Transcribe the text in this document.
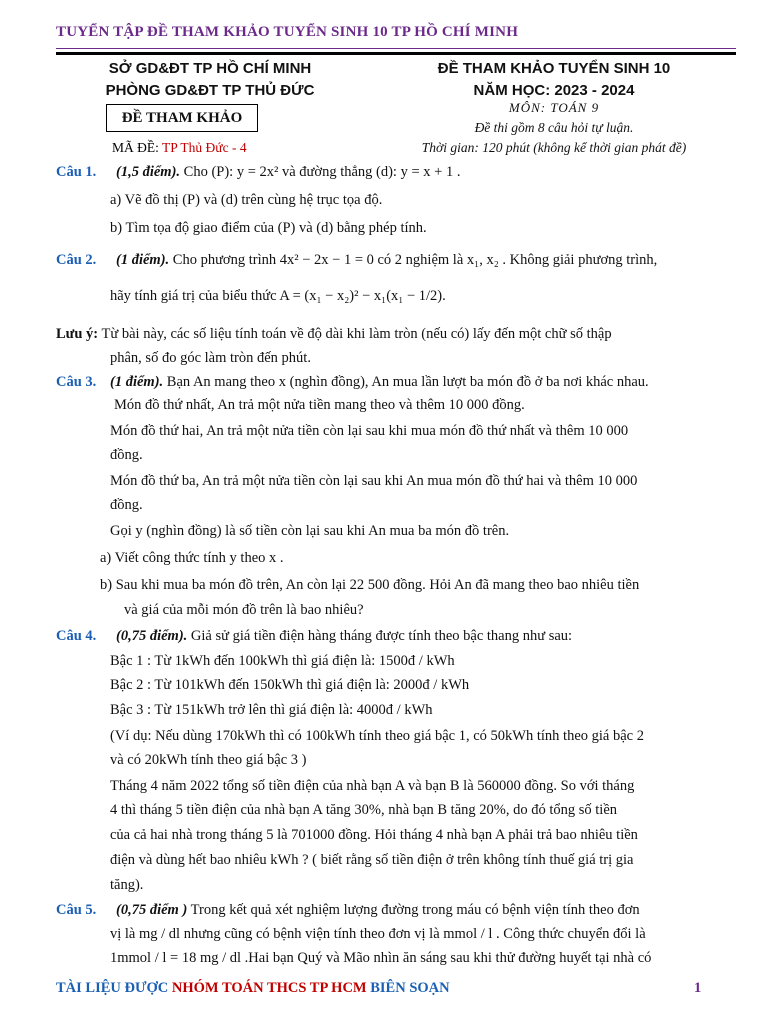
TUYỂN TẬP ĐỀ THAM KHẢO TUYỂN SINH 10 TP HỒ CHÍ MINH
SỞ GD&ĐT TP HỒ CHÍ MINH
PHÒNG GD&ĐT TP THỦ ĐỨC
ĐỀ THAM KHẢO
MÃ ĐỀ: TP Thủ Đức - 4
ĐỀ THAM KHẢO TUYỂN SINH 10
NĂM HỌC: 2023 - 2024
MÔN: TOÁN 9
Đề thi gồm 8 câu hỏi tự luận.
Thời gian: 120 phút (không kể thời gian phát đề)
Câu 1.	(1,5 điểm). Cho (P): y = 2x² và đường thẳng (d): y = x + 1 .
a) Vẽ đồ thị (P) và (d) trên cùng hệ trục tọa độ.
b) Tìm tọa độ giao điểm của (P) và (d) bằng phép tính.
Câu 2.	(1 điểm). Cho phương trình 4x² − 2x − 1 = 0 có 2 nghiệm là x₁, x₂ . Không giải phương trình,
hãy tính giá trị của biểu thức A = (x₁ − x₂)² − x₁(x₁ − 1/2).
Lưu ý: Từ bài này, các số liệu tính toán về độ dài khi làm tròn (nếu có) lấy đến một chữ số thập
phân, số đo góc làm tròn đến phút.
Câu 3. (1 điểm). Bạn An mang theo x (nghìn đồng), An mua lần lượt ba món đồ ở ba nơi khác nhau.
Món đồ thứ nhất, An trả một nửa tiền mang theo và thêm 10 000 đồng.
Món đồ thứ hai, An trả một nửa tiền còn lại sau khi mua món đồ thứ nhất và thêm 10 000
đồng.
Món đồ thứ ba, An trả một nửa tiền còn lại sau khi An mua món đồ thứ hai và thêm 10 000
đồng.
Gọi y (nghìn đồng) là số tiền còn lại sau khi An mua ba món đồ trên.
a) Viết công thức tính y theo x .
b) Sau khi mua ba món đồ trên, An còn lại 22 500 đồng. Hỏi An đã mang theo bao nhiêu tiền
và giá của mỗi món đồ trên là bao nhiêu?
Câu 4.	(0,75 điểm). Giả sử giá tiền điện hàng tháng được tính theo bậc thang như sau:
Bậc 1 : Từ 1kWh đến 100kWh thì giá điện là: 1500đ / kWh
Bậc 2 : Từ 101kWh đến 150kWh thì giá điện là: 2000đ / kWh
Bậc 3 : Từ 151kWh trở lên thì giá điện là: 4000đ / kWh
(Ví dụ: Nếu dùng 170kWh thì có 100kWh tính theo giá bậc 1, có 50kWh tính theo giá bậc 2
và có 20kWh tính theo giá bậc 3 )
Tháng 4 năm 2022 tổng số tiền điện của nhà bạn A và bạn B là 560000 đồng. So với tháng
4 thì tháng 5 tiền điện của nhà bạn A tăng 30%, nhà bạn B tăng 20%, do đó tổng số tiền
của cả hai nhà trong tháng 5 là 701000 đồng. Hỏi tháng 4 nhà bạn A phải trả bao nhiêu tiền
điện và dùng hết bao nhiêu kWh ? ( biết rằng số tiền điện ở trên không tính thuế giá trị gia
tăng).
Câu 5.	(0,75 điểm ) Trong kết quả xét nghiệm lượng đường trong máu có bệnh viện tính theo đơn
vị là mg / dl nhưng cũng có bệnh viện tính theo đơn vị là mmol / l . Công thức chuyển đổi là
1mmol / l = 18 mg / dl .Hai bạn Quý và Mão nhìn ăn sáng sau khi thử đường huyết tại nhà có
TÀI LIỆU ĐƯỢC NHÓM TOÁN THCS TP HCM BIÊN SOẠN	1
